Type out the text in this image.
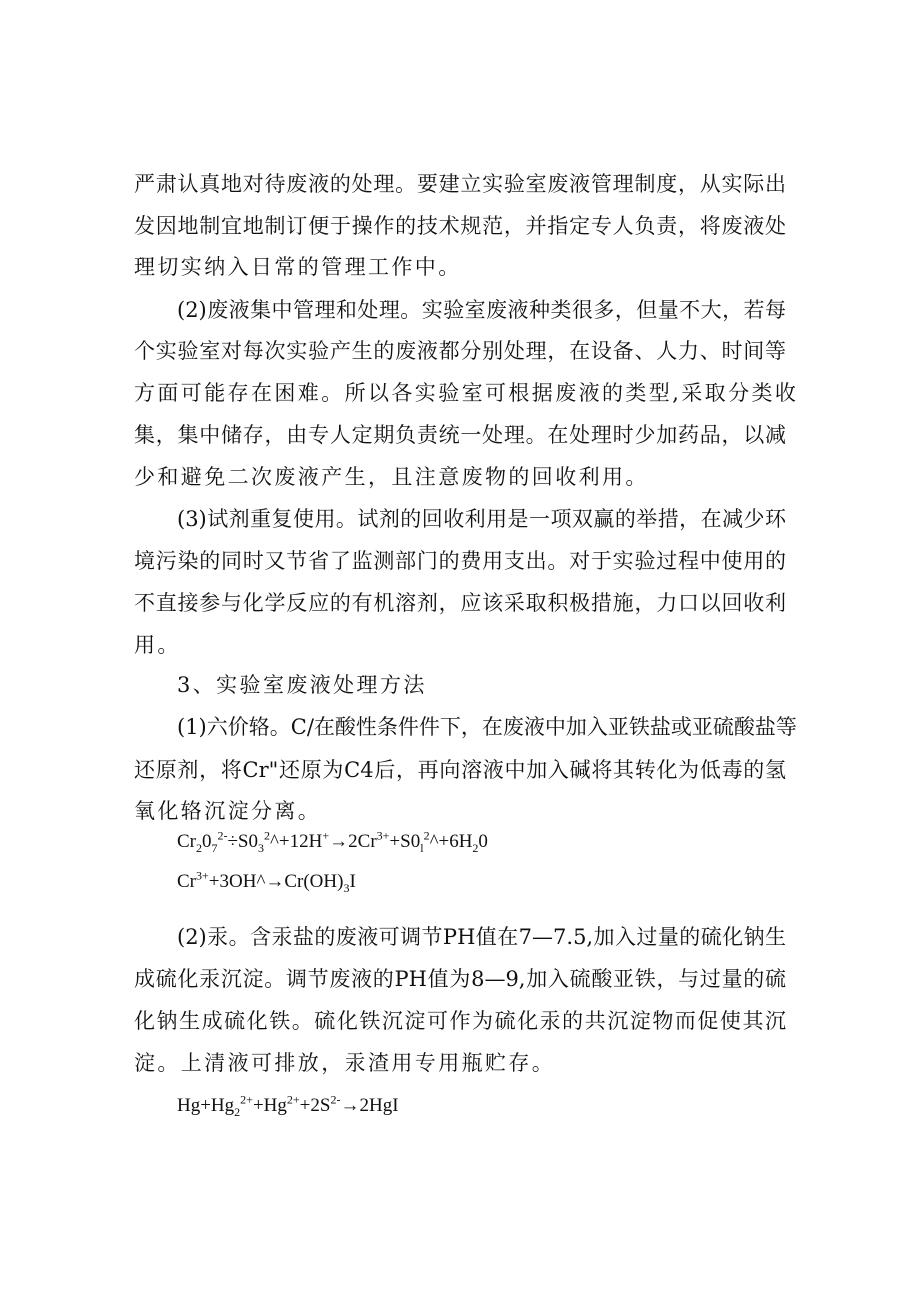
严肃认真地对待废液的处理。要建立实验室废液管理制度，从实际出
发因地制宜地制订便于操作的技术规范，并指定专人负责，将废液处
理切实纳入日常的管理工作中。
(2)废液集中管理和处理。实验室废液种类很多，但量不大，若每
个实验室对每次实验产生的废液都分别处理，在设备、人力、时间等
方面可能存在困难。所以各实验室可根据废液的类型,采取分类收
集，集中储存，由专人定期负责统一处理。在处理时少加药品，以减
少和避免二次废液产生，且注意废物的回收利用。
(3)试剂重复使用。试剂的回收利用是一项双赢的举措，在减少环
境污染的同时又节省了监测部门的费用支出。对于实验过程中使用的
不直接参与化学反应的有机溶剂，应该采取积极措施，力口以回收利
用。
3、实验室废液处理方法
(1)六价辂。C/在酸性条件件下，在废液中加入亚铁盐或亚硫酸盐等
还原剂，将Cr"还原为C4后，再向溶液中加入碱将其转化为低毒的氢
氧化辂沉淀分离。
$Cr_20_7^{2-}\div S0_3^2\^{}+12H^+\to 2Cr^{3+}+S0_l^2\^{}+6H_20$
$Cr^{3+}+3OH\^{}\to Cr(OH)_3I$
(2)汞。含汞盐的废液可调节PH值在7—7.5,加入过量的硫化钠生
成硫化汞沉淀。调节废液的PH值为8—9,加入硫酸亚铁，与过量的硫
化钠生成硫化铁。硫化铁沉淀可作为硫化汞的共沉淀物而促使其沉
淀。上清液可排放，汞渣用专用瓶贮存。
$Hg+Hg_2^{2+}+Hg^{2+}+2S^{2-}\to 2HgI$
